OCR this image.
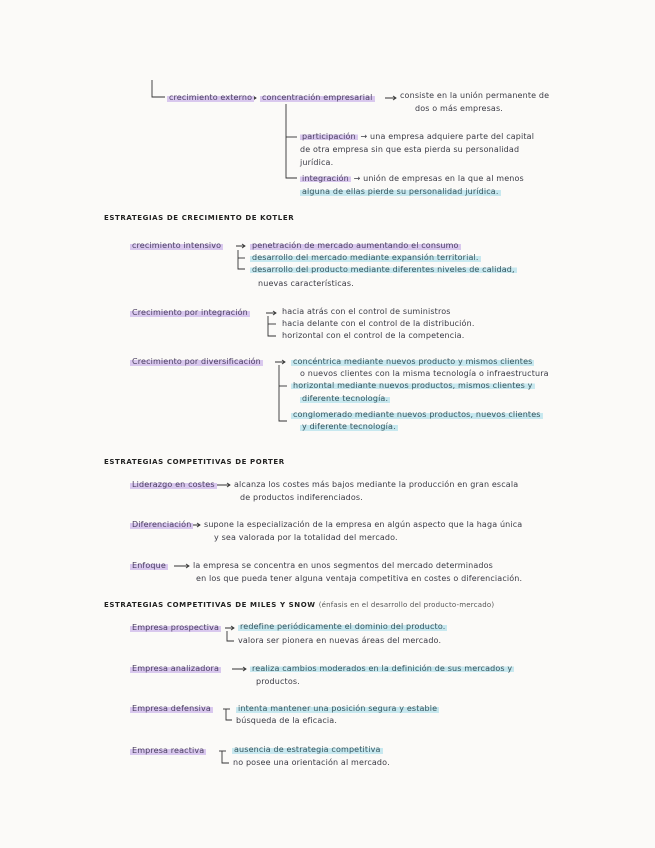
crecimiento externo concentración empresarial	consiste en la unión permanente de
dos o más empresas.
participación → una empresa adquiere parte del capital
de otra empresa sin que esta pierda su personalidad
jurídica.
integración → unión de empresas en la que al menos
alguna de ellas pierde su personalidad jurídica.
ESTRATEGIAS DE CRECIMIENTO DE KOTLER
crecimiento intensivo	penetración de mercado aumentando el consumo
desarrollo del mercado mediante expansión territorial.
desarrollo del producto mediante diferentes niveles de calidad,
nuevas características.
Crecimiento por integración	hacia atrás con el control de suministros
hacia delante con el control de la distribución.
horizontal con el control de la competencia.
Crecimiento por diversificación	concéntrica mediante nuevos producto y mismos clientes
o nuevos clientes con la misma tecnología o infraestructura
horizontal mediante nuevos productos, mismos clientes y
diferente tecnología.
conglomerado mediante nuevos productos, nuevos clientes
y diferente tecnología.
ESTRATEGIAS COMPETITIVAS DE PORTER
Liderazgo en costes alcanza los costes más bajos mediante la producción en gran escala
de productos indiferenciados.
Diferenciación supone la especialización de la empresa en algún aspecto que la haga única
y sea valorada por la totalidad del mercado.
Enfoque	la empresa se concentra en unos segmentos del mercado determinados
en los que pueda tener alguna ventaja competitiva en costes o diferenciación.
ESTRATEGIAS COMPETITIVAS DE MILES Y SNOW (énfasis en el desarrollo del producto-mercado)
Empresa prospectiva	redefine periódicamente el dominio del producto.
valora ser pionera en nuevas áreas del mercado.
Empresa analizadora	realiza cambios moderados en la definición de sus mercados y
productos.
Empresa defensiva	intenta mantener una posición segura y estable
búsqueda de la eficacia.
Empresa reactiva	ausencia de estrategia competitiva
no posee una orientación al mercado.
